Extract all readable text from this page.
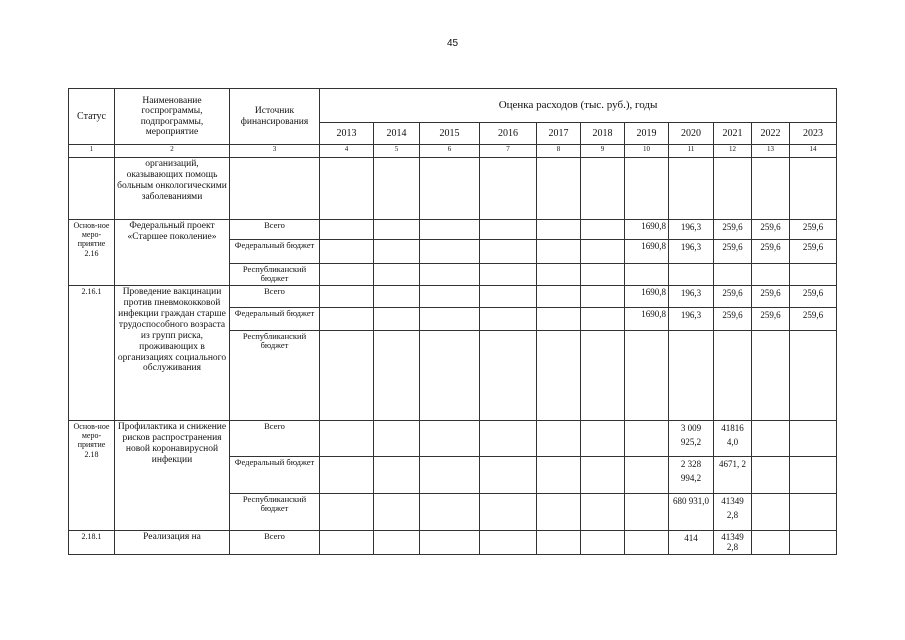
45
Статус	Наименование госпрограммы, подпрограммы, мероприятие	Источник финансирования	Оценка расходов (тыс. руб.), годы										
			2013	2014	2015	2016	2017	2018	2019	2020	2021	2022	2023
1	2	3	4	5	6	7	8	9	10	11	12	13	14
	организаций, оказывающих помощь больным онкологическими заболеваниями												
Основ-ное меро-приятие 2.16	Федеральный проект «Старшее поколение»	Всего							1690,8	196,3	259,6	259,6	259,6
		Федеральный бюджет							1690,8	196,3	259,6	259,6	259,6
		Республиканский бюджет											
2.16.1	Проведение вакцинации против пневмококковой инфекции граждан старше трудоспособного возраста из групп риска, проживающих в организациях социального обслуживания	Всего							1690,8	196,3	259,6	259,6	259,6
		Федеральный бюджет							1690,8	196,3	259,6	259,6	259,6
		Республиканский бюджет											
Основ-ное меро-приятие 2.18	Профилактика и снижение рисков распространения новой коронавирусной инфекции	Всего								3 009 925,2	41816 4,0		
		Федеральный бюджет								2 328 994,2	4671, 2		
		Республиканский бюджет								680 931,0	41349 2,8		
2.18.1	Реализация на	Всего								414	41349 2,8		
